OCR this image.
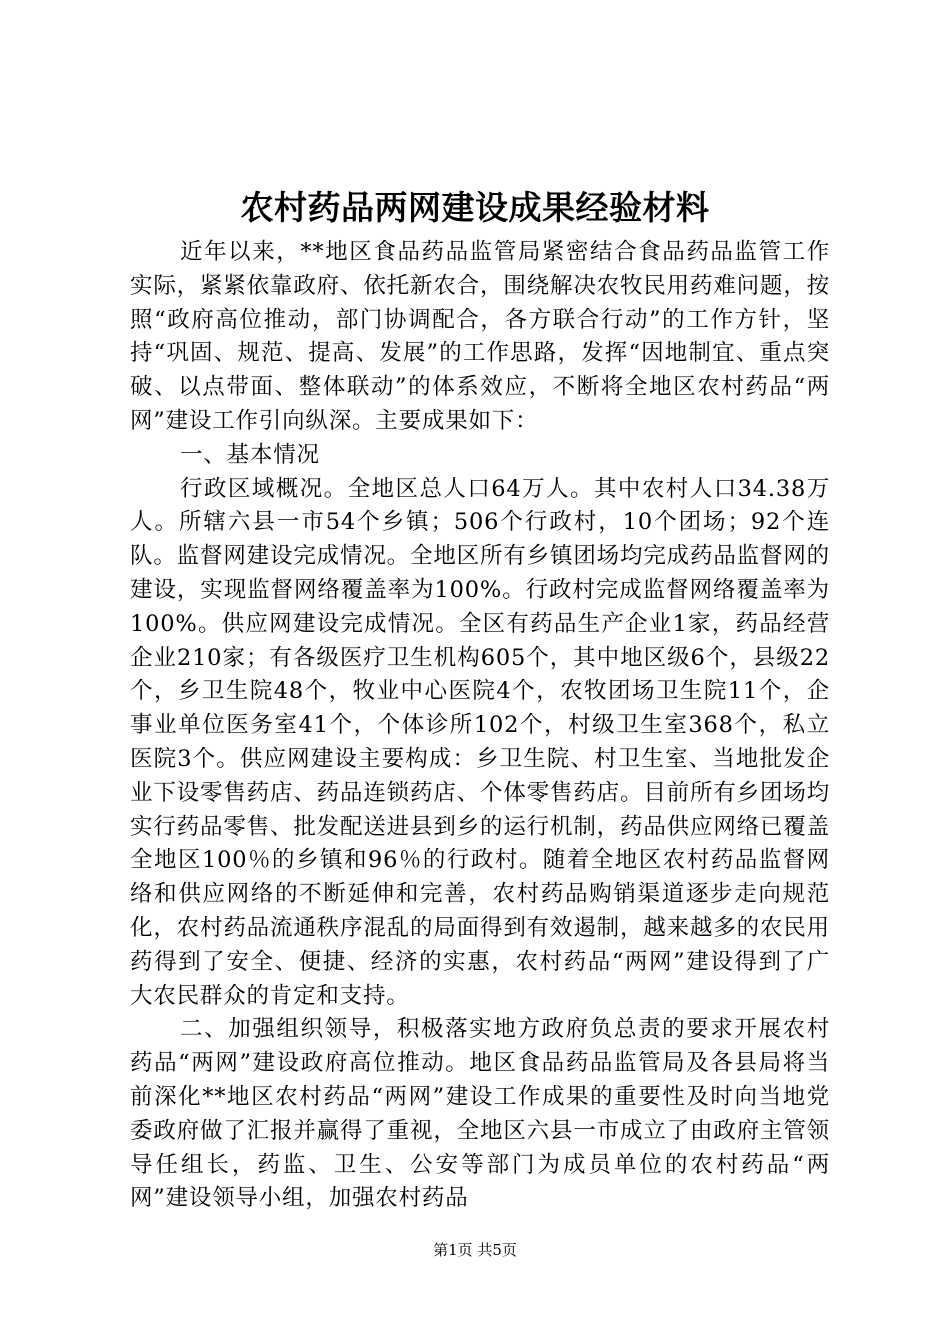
农村药品两网建设成果经验材料

近年以来，**地区食品药品监管局紧密结合食品药品监管工作实际，紧紧依靠政府、依托新农合，围绕解决农牧民用药难问题，按照“政府高位推动，部门协调配合，各方联合行动”的工作方针，坚持“巩固、规范、提高、发展”的工作思路，发挥“因地制宜、重点突破、以点带面、整体联动”的体系效应，不断将全地区农村药品“两网”建设工作引向纵深。主要成果如下：

一、基本情况

行政区域概况。全地区总人口64万人。其中农村人口34.38万人。所辖六县一市54个乡镇；506个行政村，10个团场；92个连队。监督网建设完成情况。全地区所有乡镇团场均完成药品监督网的建设，实现监督网络覆盖率为100%。行政村完成监督网络覆盖率为100%。供应网建设完成情况。全区有药品生产企业1家，药品经营企业210家；有各级医疗卫生机构605个，其中地区级6个，县级22个，乡卫生院48个，牧业中心医院4个，农牧团场卫生院11个，企事业单位医务室41个，个体诊所102个，村级卫生室368个，私立医院3个。供应网建设主要构成：乡卫生院、村卫生室、当地批发企业下设零售药店、药品连锁药店、个体零售药店。目前所有乡团场均实行药品零售、批发配送进县到乡的运行机制，药品供应网络已覆盖全地区100％的乡镇和96％的行政村。随着全地区农村药品监督网络和供应网络的不断延伸和完善，农村药品购销渠道逐步走向规范化，农村药品流通秩序混乱的局面得到有效遏制，越来越多的农民用药得到了安全、便捷、经济的实惠，农村药品“两网”建设得到了广大农民群众的肯定和支持。

二、加强组织领导，积极落实地方政府负总责的要求开展农村药品“两网”建设政府高位推动。地区食品药品监管局及各县局将当前深化**地区农村药品“两网”建设工作成果的重要性及时向当地党委政府做了汇报并赢得了重视，全地区六县一市成立了由政府主管领导任组长，药监、卫生、公安等部门为成员单位的农村药品“两网”建设领导小组，加强农村药品

第1页 共5页
